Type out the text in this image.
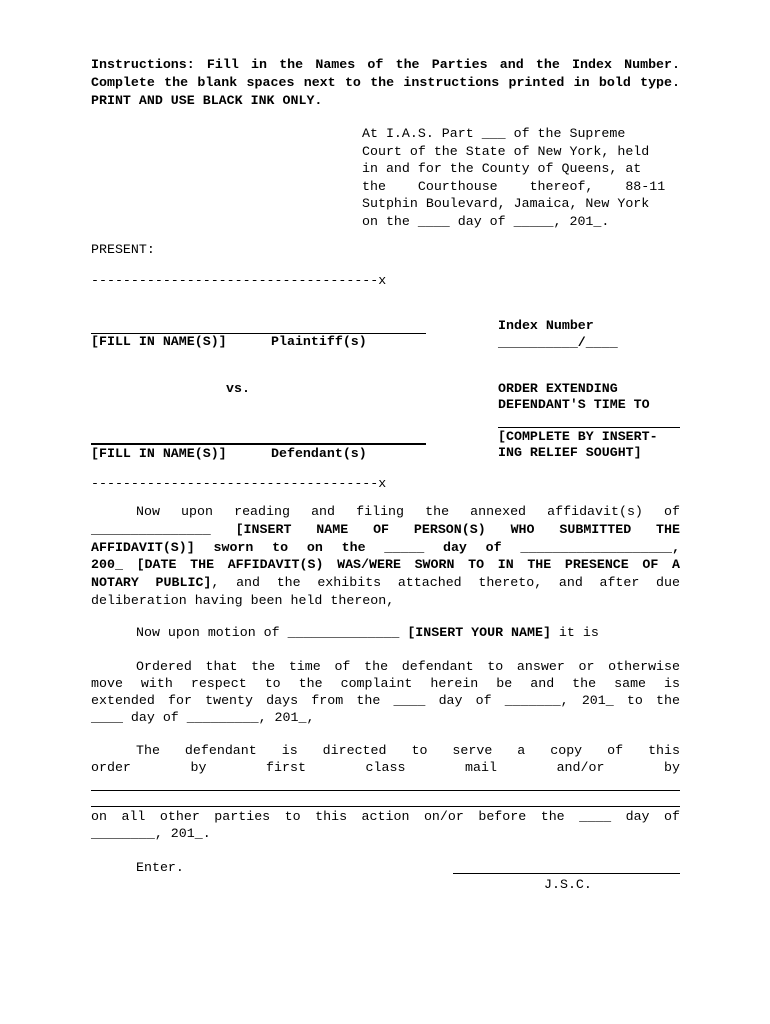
Instructions: Fill in the Names of the Parties and the Index Number. Complete the blank spaces next to the instructions printed in bold type. PRINT AND USE BLACK INK ONLY.
At I.A.S. Part ___ of the Supreme
Court of the State of New York, held
in and for the County of Queens, at
the    Courthouse    thereof,    88-11
Sutphin Boulevard, Jamaica, New York
on the ____ day of _____, 201_.
PRESENT:
------------------------------------x
[FILL IN NAME(S)]	Plaintiff(s)
Index Number
__________/____
vs.	ORDER EXTENDING
DEFENDANT'S TIME TO
[COMPLETE BY INSERT-
ING RELIEF SOUGHT]
[FILL IN NAME(S)]	Defendant(s)
------------------------------------x
Now upon reading and filing the annexed affidavit(s) of
_______________ [INSERT NAME OF PERSON(S) WHO SUBMITTED THE
AFFIDAVIT(S)] sworn to on the _____ day of ___________________,
200_ [DATE THE AFFIDAVIT(S) WAS/WERE SWORN TO IN THE PRESENCE OF A
NOTARY PUBLIC], and the exhibits attached thereto, and after due
deliberation having been held thereon,
Now upon motion of ______________ [INSERT YOUR NAME] it is
Ordered that the time of the defendant to answer or otherwise
move with respect to the complaint herein be and the same is
extended for twenty days from the ____ day of _______, 201_ to the
____ day of _________, 201_,
The defendant is directed to serve a copy of this
order by first class mail and/or by
on all other parties to this action on/or before the ____ day of
________, 201_.
Enter.
J.S.C.
